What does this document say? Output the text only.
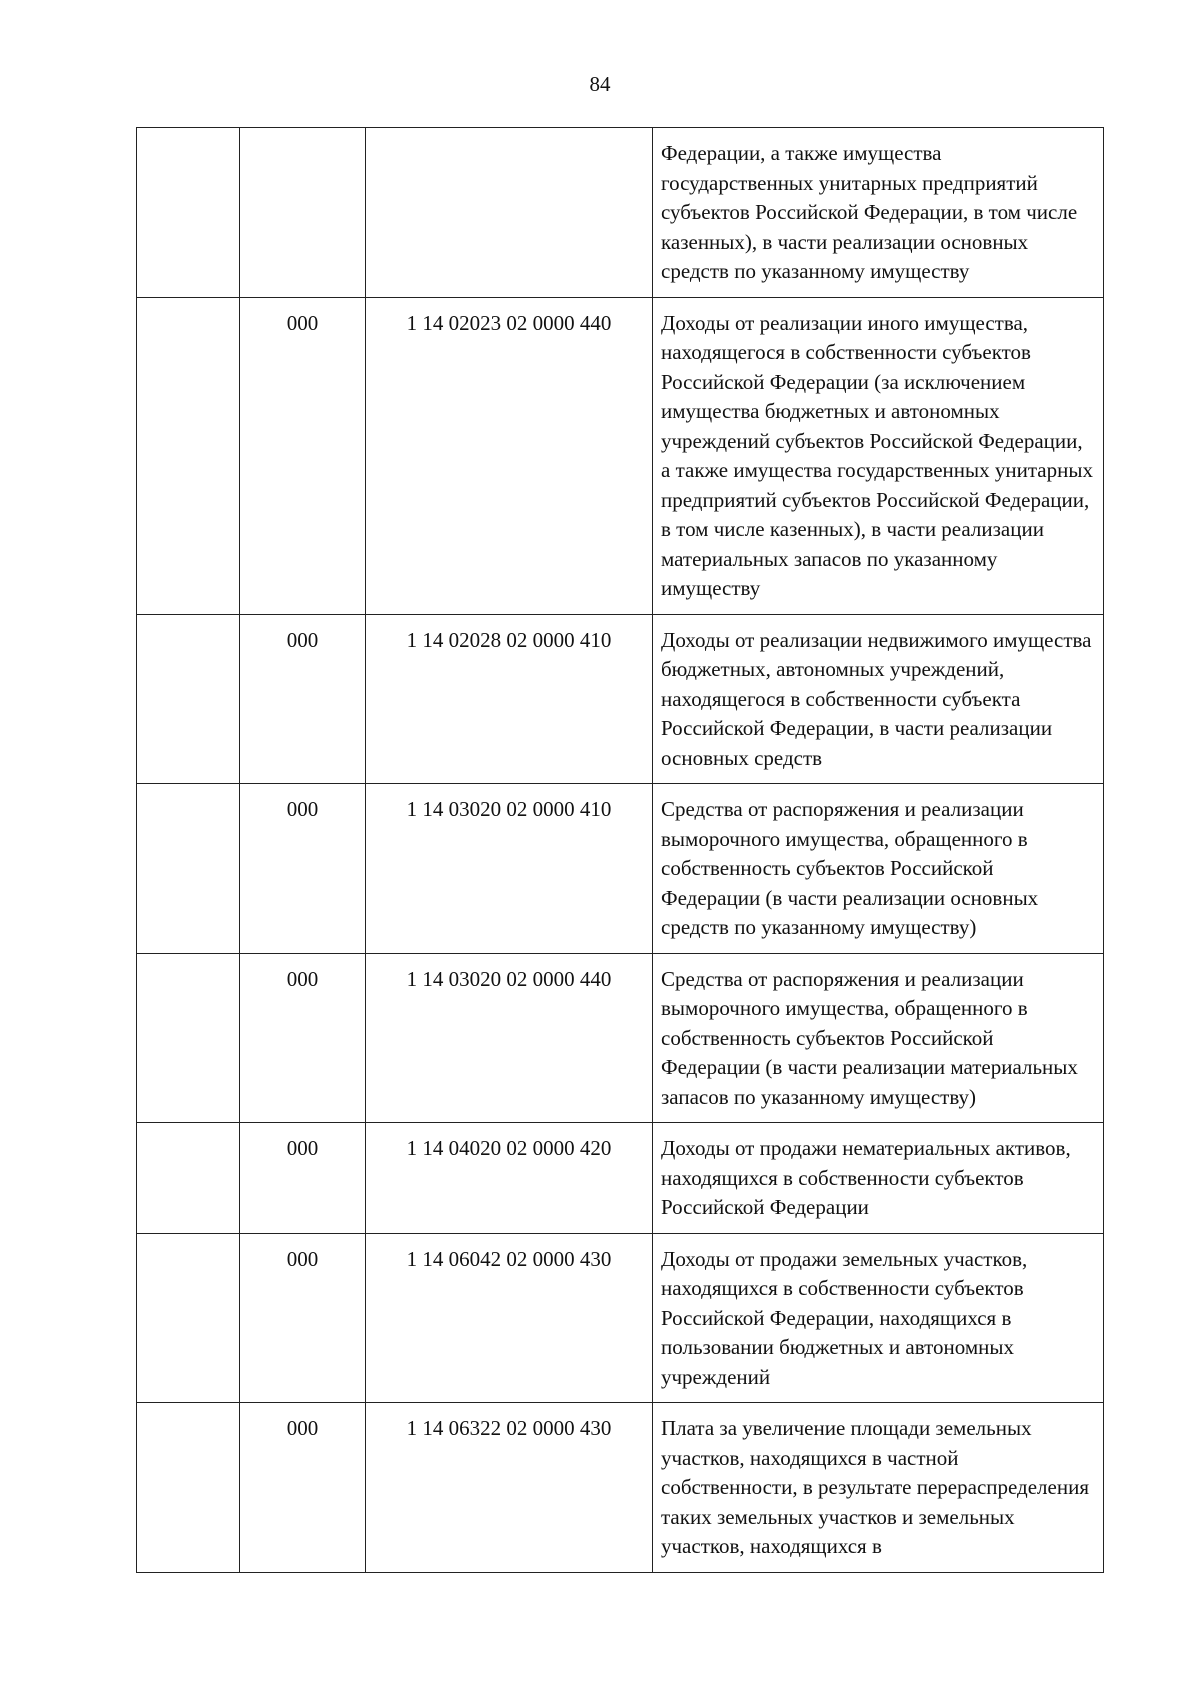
84
			Федерации, а также имущества государственных унитарных предприятий субъектов Российской Федерации, в том числе казенных), в части реализации основных средств по указанному имуществу
	000	1 14 02023 02 0000 440	Доходы от реализации иного имущества, находящегося в собственности субъектов Российской Федерации (за исключением имущества бюджетных и автономных учреждений субъектов Российской Федерации, а также имущества государственных унитарных предприятий субъектов Российской Федерации, в том числе казенных), в части реализации материальных запасов по указанному имуществу
	000	1 14 02028 02 0000 410	Доходы от реализации недвижимого имущества бюджетных, автономных учреждений, находящегося в собственности субъекта Российской Федерации, в части реализации основных средств
	000	1 14 03020 02 0000 410	Средства от распоряжения и реализации выморочного имущества, обращенного в собственность субъектов Российской Федерации (в части реализации основных средств по указанному имуществу)
	000	1 14 03020 02 0000 440	Средства от распоряжения и реализации выморочного имущества, обращенного в собственность субъектов Российской Федерации (в части реализации материальных запасов по указанному имуществу)
	000	1 14 04020 02 0000 420	Доходы от продажи нематериальных активов, находящихся в собственности субъектов Российской Федерации
	000	1 14 06042 02 0000 430	Доходы от продажи земельных участков, находящихся в собственности субъектов Российской Федерации, находящихся в пользовании бюджетных и автономных учреждений
	000	1 14 06322 02 0000 430	Плата за увеличение площади земельных участков, находящихся в частной собственности, в результате перераспределения таких земельных участков и земельных участков, находящихся в
